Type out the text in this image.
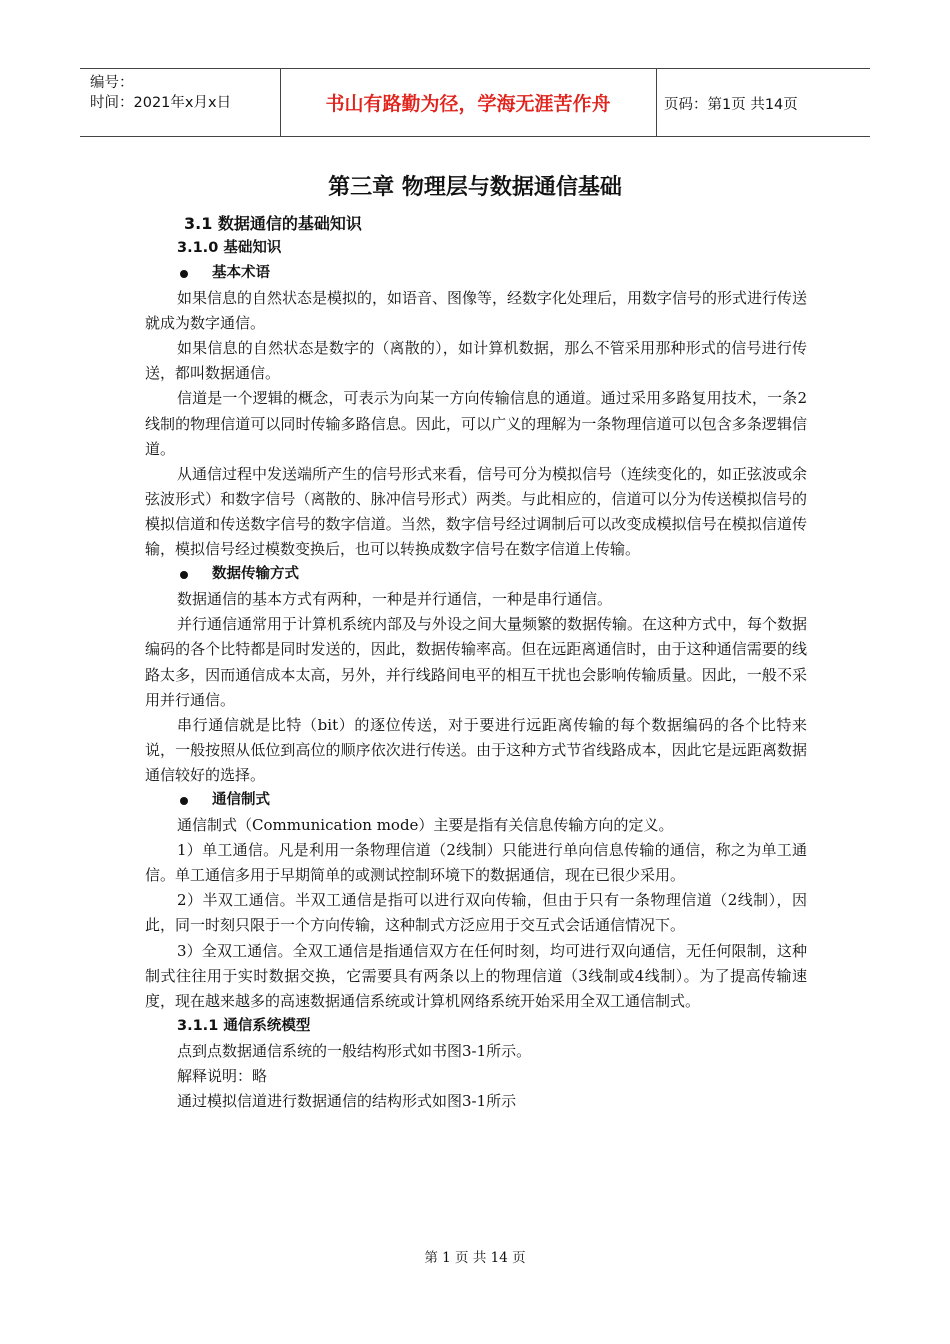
编号：
时间：2021年x月x日	书山有路勤为径，学海无涯苦作舟	页码：第1页 共14页
第三章 物理层与数据通信基础
3.1 数据通信的基础知识
3.1.0 基础知识
基本术语

如果信息的自然状态是模拟的，如语音、图像等，经数字化处理后，用数字信号的形式进行传送就成为数字通信。

如果信息的自然状态是数字的（离散的），如计算机数据，那么不管采用那种形式的信号进行传送，都叫数据通信。

信道是一个逻辑的概念，可表示为向某一方向传输信息的通道。通过采用多路复用技术，一条2线制的物理信道可以同时传输多路信息。因此，可以广义的理解为一条物理信道可以包含多条逻辑信道。

从通信过程中发送端所产生的信号形式来看，信号可分为模拟信号（连续变化的，如正弦波或余弦波形式）和数字信号（离散的、脉冲信号形式）两类。与此相应的，信道可以分为传送模拟信号的模拟信道和传送数字信号的数字信道。当然，数字信号经过调制后可以改变成模拟信号在模拟信道传输，模拟信号经过模数变换后，也可以转换成数字信号在数字信道上传输。

数据传输方式

数据通信的基本方式有两种，一种是并行通信，一种是串行通信。

并行通信通常用于计算机系统内部及与外设之间大量频繁的数据传输。在这种方式中，每个数据编码的各个比特都是同时发送的，因此，数据传输率高。但在远距离通信时，由于这种通信需要的线路太多，因而通信成本太高，另外，并行线路间电平的相互干扰也会影响传输质量。因此，一般不采用并行通信。

串行通信就是比特（bit）的逐位传送，对于要进行远距离传输的每个数据编码的各个比特来说，一般按照从低位到高位的顺序依次进行传送。由于这种方式节省线路成本，因此它是远距离数据通信较好的选择。

通信制式

通信制式（Communication mode）主要是指有关信息传输方向的定义。

1）单工通信。凡是利用一条物理信道（2线制）只能进行单向信息传输的通信，称之为单工通信。单工通信多用于早期简单的或测试控制环境下的数据通信，现在已很少采用。

2）半双工通信。半双工通信是指可以进行双向传输，但由于只有一条物理信道（2线制），因此，同一时刻只限于一个方向传输，这种制式方泛应用于交互式会话通信情况下。

3）全双工通信。全双工通信是指通信双方在任何时刻，均可进行双向通信，无任何限制，这种制式往往用于实时数据交换，它需要具有两条以上的物理信道（3线制或4线制）。为了提高传输速度，现在越来越多的高速数据通信系统或计算机网络系统开始采用全双工通信制式。

3.1.1 通信系统模型

点到点数据通信系统的一般结构形式如书图3-1所示。

解释说明：略

通过模拟信道进行数据通信的结构形式如图3-1所示

第 1 页 共 14 页
